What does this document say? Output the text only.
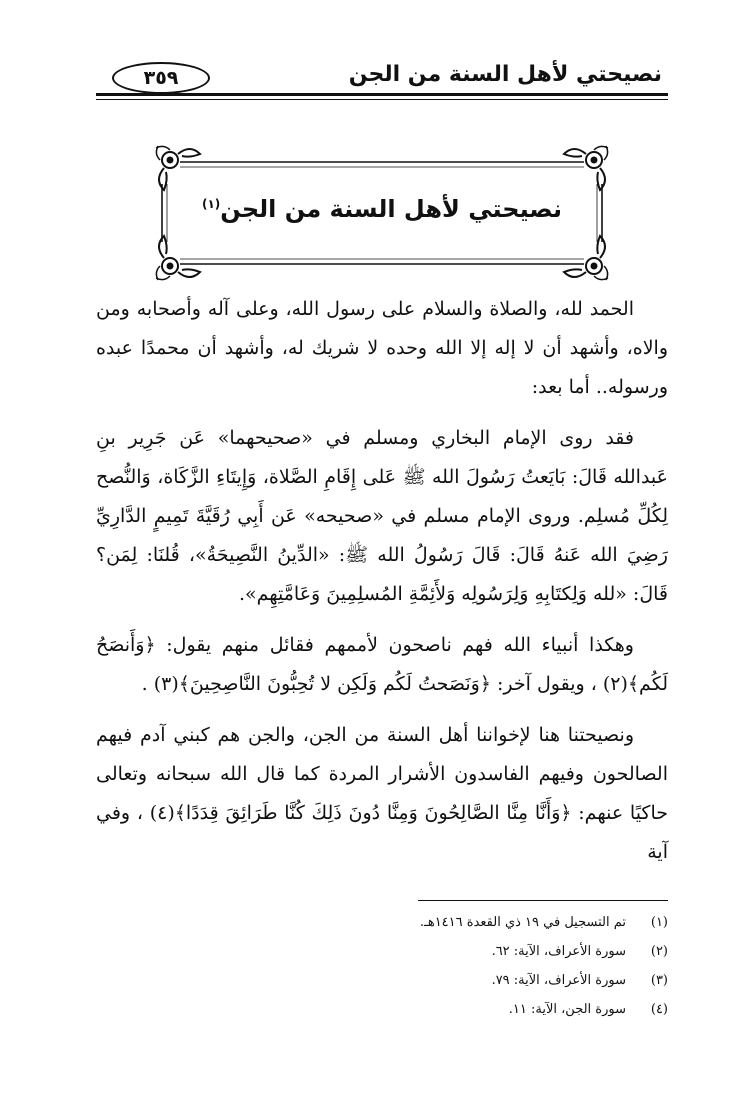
نصيحتي لأهل السنة من الجن
٣٥٩
نصيحتي لأهل السنة من الجن$^{(١)}$

الحمد لله، والصلاة والسلام على رسول الله، وعلى آله وأصحابه ومن والاه، وأشهد أن لا إله إلا الله وحده لا شريك له، وأشهد أن محمدًا عبده ورسوله.. أما بعد:

فقد روى الإمام البخاري ومسلم في «صحيحهما» عَن جَرِير بنِ عَبدالله قَالَ: بَايَعتُ رَسُولَ الله ﷺ عَلى إِقَامِ الصَّلاة، وَإِيتَاءِ الزَّكَاة، وَالنُّصح لِكُلِّ مُسلِم. وروى الإمام مسلم في «صحيحه» عَن أَبِي رُقَيَّةَ تَمِيمٍ الدَّارِيِّ رَضِيَ الله عَنهُ قَالَ: قَالَ رَسُولُ الله ﷺ: «الدِّينُ النَّصِيحَةُ»، قُلنَا: لِمَن؟ قَالَ: «لله وَلِكتَابِهِ وَلِرَسُولِه وَلأَئِمَّةِ المُسلِمِينَ وَعَامَّتِهِم».

وهكذا أنبياء الله فهم ناصحون لأممهم فقائل منهم يقول: ﴿وَأَنصَحُ لَكُم﴾(٢) ، ويقول آخر: ﴿وَنَصَحتُ لَكُم وَلَكِن لا تُحِبُّونَ النَّاصِحِينَ﴾(٣) .

ونصيحتنا هنا لإخواننا أهل السنة من الجن، والجن هم كبني آدم فيهم الصالحون وفيهم الفاسدون الأشرار المردة كما قال الله سبحانه وتعالى حاكيًا عنهم: ﴿وَأَنَّا مِنَّا الصَّالِحُونَ وَمِنَّا دُونَ ذَلِكَ كُنَّا طَرَائِقَ قِدَدًا﴾(٤) ، وفي آية

(١)
تم التسجيل في ١٩ ذي القعدة ١٤١٦هـ.
(٢)
سورة الأعراف، الآية: ٦٢.
(٣)
سورة الأعراف، الآية: ٧٩.
(٤)
سورة الجن، الآية: ١١.
